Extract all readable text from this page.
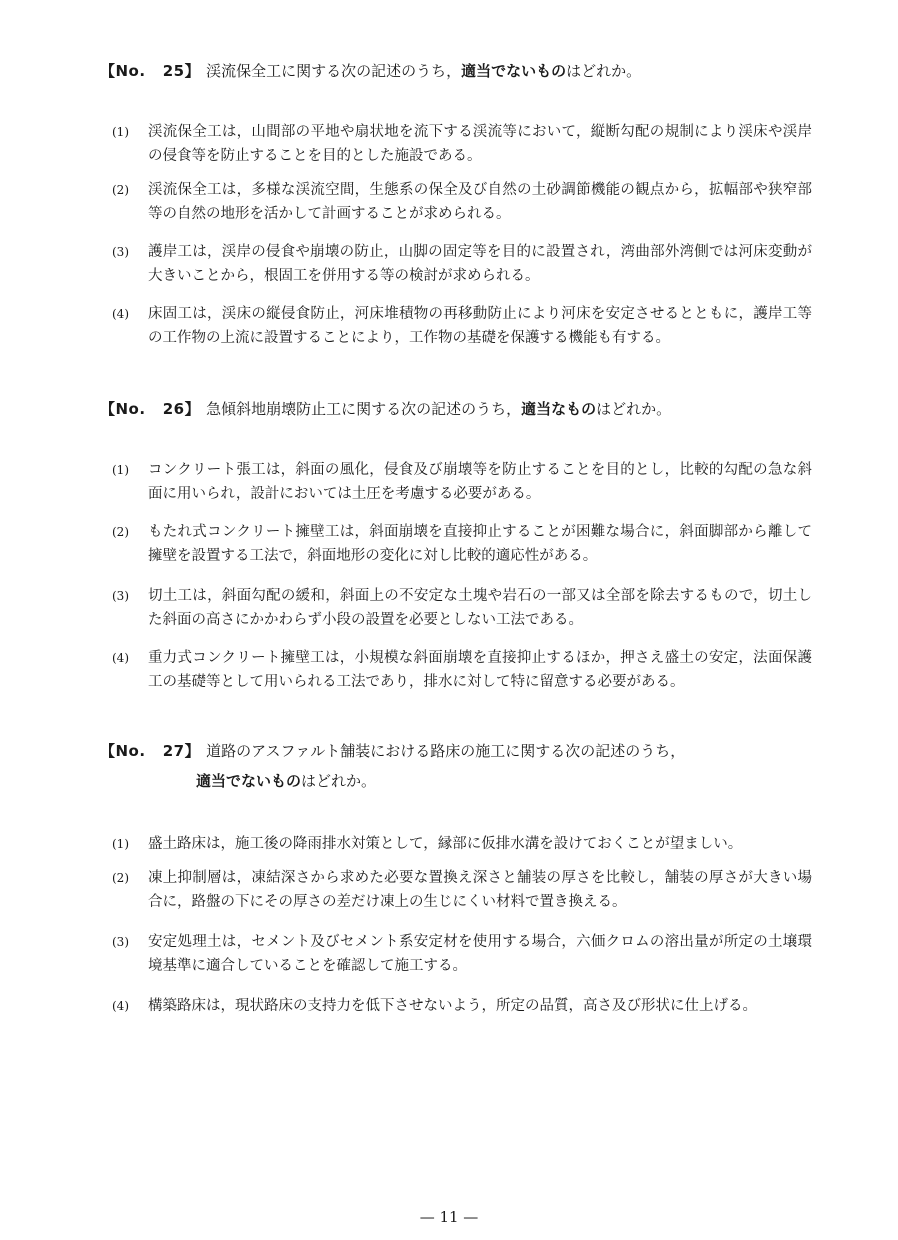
【No.   25】 渓流保全工に関する次の記述のうち，適当でないものはどれか。
(1)	渓流保全工は，山間部の平地や扇状地を流下する渓流等において，縦断勾配の規制により渓床や渓岸の侵食等を防止することを目的とした施設である。
(2)	渓流保全工は，多様な渓流空間，生態系の保全及び自然の土砂調節機能の観点から，拡幅部や狭窄部等の自然の地形を活かして計画することが求められる。
(3)	護岸工は，渓岸の侵食や崩壊の防止，山脚の固定等を目的に設置され，湾曲部外湾側では河床変動が大きいことから，根固工を併用する等の検討が求められる。
(4)	床固工は，渓床の縦侵食防止，河床堆積物の再移動防止により河床を安定させるとともに，護岸工等の工作物の上流に設置することにより，工作物の基礎を保護する機能も有する。
【No.   26】 急傾斜地崩壊防止工に関する次の記述のうち，適当なものはどれか。
(1)	コンクリート張工は，斜面の風化，侵食及び崩壊等を防止することを目的とし，比較的勾配の急な斜面に用いられ，設計においては土圧を考慮する必要がある。
(2)	もたれ式コンクリート擁壁工は，斜面崩壊を直接抑止することが困難な場合に，斜面脚部から離して擁壁を設置する工法で，斜面地形の変化に対し比較的適応性がある。
(3)	切土工は，斜面勾配の緩和，斜面上の不安定な土塊や岩石の一部又は全部を除去するもので，切土した斜面の高さにかかわらず小段の設置を必要としない工法である。
(4)	重力式コンクリート擁壁工は，小規模な斜面崩壊を直接抑止するほか，押さえ盛土の安定，法面保護工の基礎等として用いられる工法であり，排水に対して特に留意する必要がある。
【No.   27】 道路のアスファルト舗装における路床の施工に関する次の記述のうち，
適当でないものはどれか。
(1)	盛土路床は，施工後の降雨排水対策として，縁部に仮排水溝を設けておくことが望ましい。
(2)	凍上抑制層は，凍結深さから求めた必要な置換え深さと舗装の厚さを比較し，舗装の厚さが大きい場合に，路盤の下にその厚さの差だけ凍上の生じにくい材料で置き換える。
(3)	安定処理土は，セメント及びセメント系安定材を使用する場合，六価クロムの溶出量が所定の土壌環境基準に適合していることを確認して施工する。
(4)	構築路床は，現状路床の支持力を低下させないよう，所定の品質，高さ及び形状に仕上げる。
— 11 —
